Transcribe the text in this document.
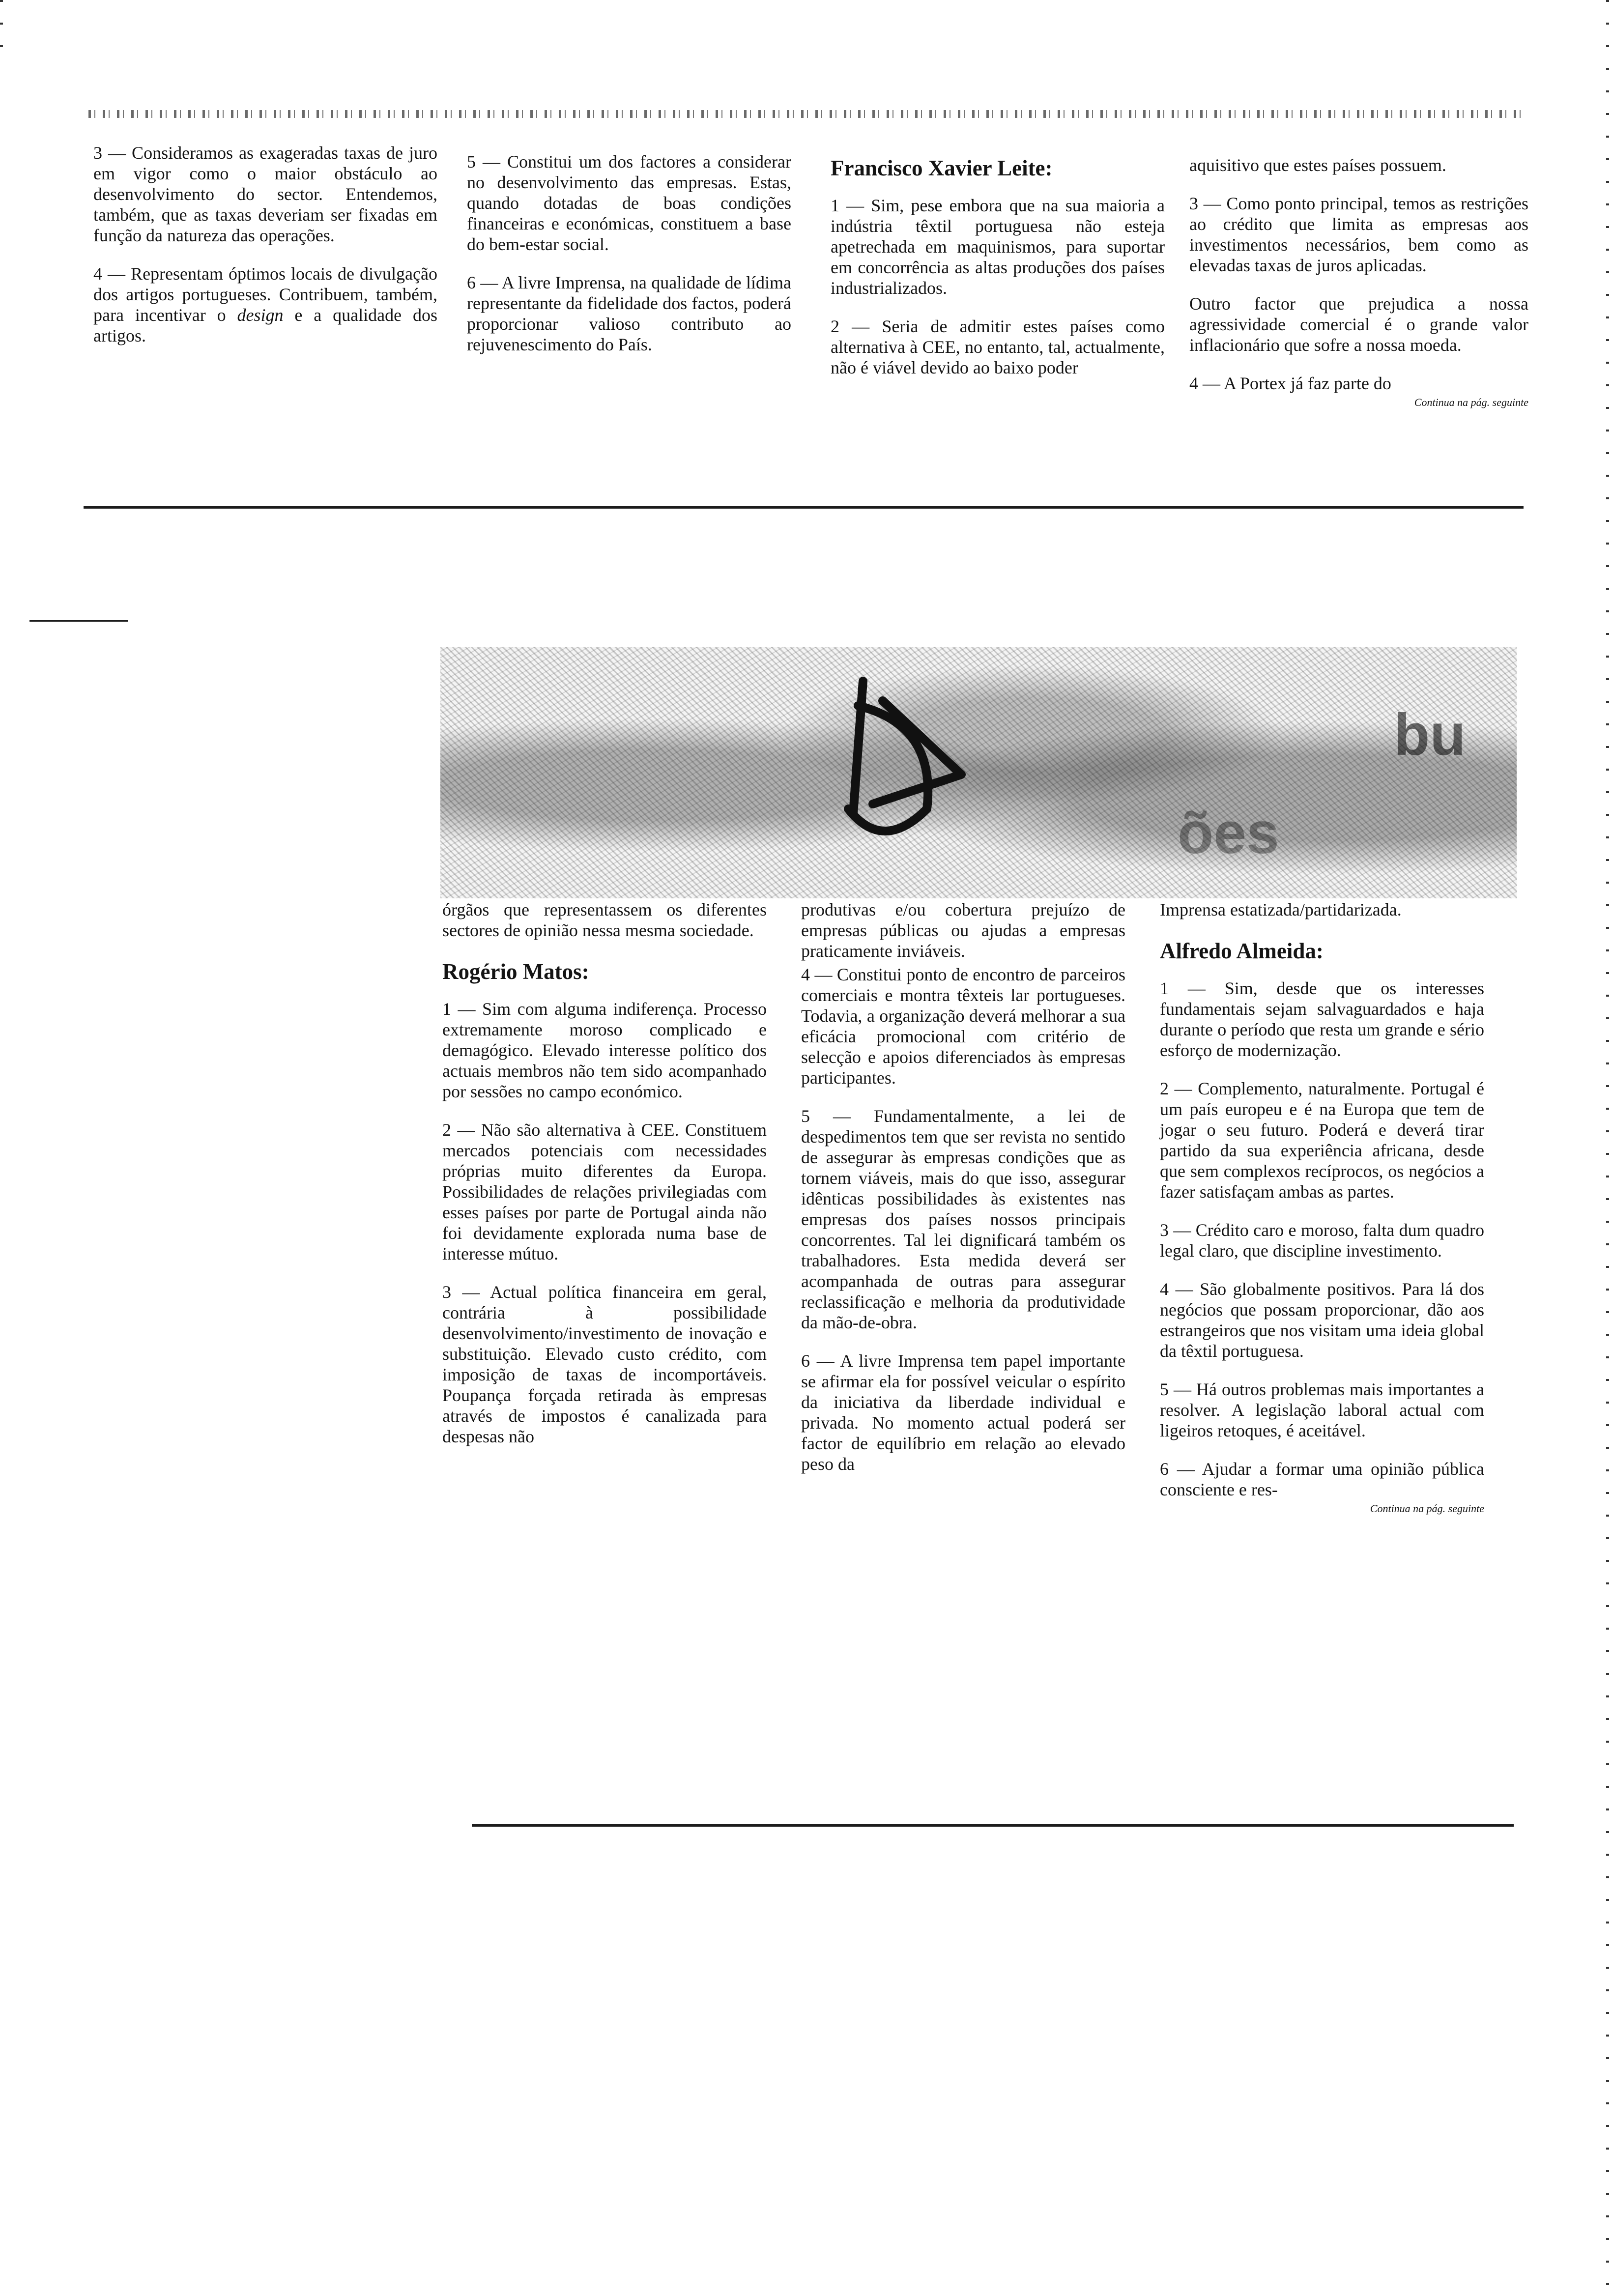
3 — Consideramos as exageradas taxas de juro em vigor como o maior obstáculo ao desenvolvimento do sector. Entendemos, também, que as taxas deveriam ser fixadas em função da natureza das operações.

4 — Representam óptimos locais de divulgação dos artigos portugueses. Contribuem, também, para incentivar o design e a qualidade dos artigos.

5 — Constitui um dos factores a considerar no desenvolvimento das empresas. Estas, quando dotadas de boas condições financeiras e económicas, constituem a base do bem-estar social.

6 — A livre Imprensa, na qualidade de lídima representante da fidelidade dos factos, poderá proporcionar valioso contributo ao rejuvenescimento do País.

Francisco Xavier Leite:

1 — Sim, pese embora que na sua maioria a indústria têxtil portuguesa não esteja apetrechada em maquinismos, para suportar em concorrência as altas produções dos países industrializados.

2 — Seria de admitir estes países como alternativa à CEE, no entanto, tal, actualmente, não é viável devido ao baixo poder

aquisitivo que estes países possuem.

3 — Como ponto principal, temos as restrições ao crédito que limita as empresas aos investimentos necessários, bem como as elevadas taxas de juros aplicadas.

Outro factor que prejudica a nossa agressividade comercial é o grande valor inflacionário que sofre a nossa moeda.

4 — A Portex já faz parte do

Continua na pág. seguinte

bu
ões

órgãos que representassem os diferentes sectores de opinião nessa mesma sociedade.

Rogério Matos:

1 — Sim com alguma indiferença. Processo extremamente moroso complicado e demagógico. Elevado interesse político dos actuais membros não tem sido acompanhado por sessões no campo económico.

2 — Não são alternativa à CEE. Constituem mercados potenciais com necessidades próprias muito diferentes da Europa. Possibilidades de relações privilegiadas com esses países por parte de Portugal ainda não foi devidamente explorada numa base de interesse mútuo.

3 — Actual política financeira em geral, contrária à possibilidade desenvolvimento/investimento de inovação e substituição. Elevado custo crédito, com imposição de taxas de incomportáveis. Poupança forçada retirada às empresas através de impostos é canalizada para despesas não

produtivas e/ou cobertura prejuízo de empresas públicas ou ajudas a empresas praticamente inviáveis.

4 — Constitui ponto de encontro de parceiros comerciais e montra têxteis lar portugueses. Todavia, a organização deverá melhorar a sua eficácia promocional com critério de selecção e apoios diferenciados às empresas participantes.

5 — Fundamentalmente, a lei de despedimentos tem que ser revista no sentido de assegurar às empresas condições que as tornem viáveis, mais do que isso, assegurar idênticas possibilidades às existentes nas empresas dos países nossos principais concorrentes. Tal lei dignificará também os trabalhadores. Esta medida deverá ser acompanhada de outras para assegurar reclassificação e melhoria da produtividade da mão-de-obra.

6 — A livre Imprensa tem papel importante se afirmar ela for possível veicular o espírito da iniciativa da liberdade individual e privada. No momento actual poderá ser factor de equilíbrio em relação ao elevado peso da

Imprensa estatizada/partidarizada.

Alfredo Almeida:

1 — Sim, desde que os interesses fundamentais sejam salvaguardados e haja durante o período que resta um grande e sério esforço de modernização.

2 — Complemento, naturalmente. Portugal é um país europeu e é na Europa que tem de jogar o seu futuro. Poderá e deverá tirar partido da sua experiência africana, desde que sem complexos recíprocos, os negócios a fazer satisfaçam ambas as partes.

3 — Crédito caro e moroso, falta dum quadro legal claro, que discipline investimento.

4 — São globalmente positivos. Para lá dos negócios que possam proporcionar, dão aos estrangeiros que nos visitam uma ideia global da têxtil portuguesa.

5 — Há outros problemas mais importantes a resolver. A legislação laboral actual com ligeiros retoques, é aceitável.

6 — Ajudar a formar uma opinião pública consciente e res-

Continua na pág. seguinte
